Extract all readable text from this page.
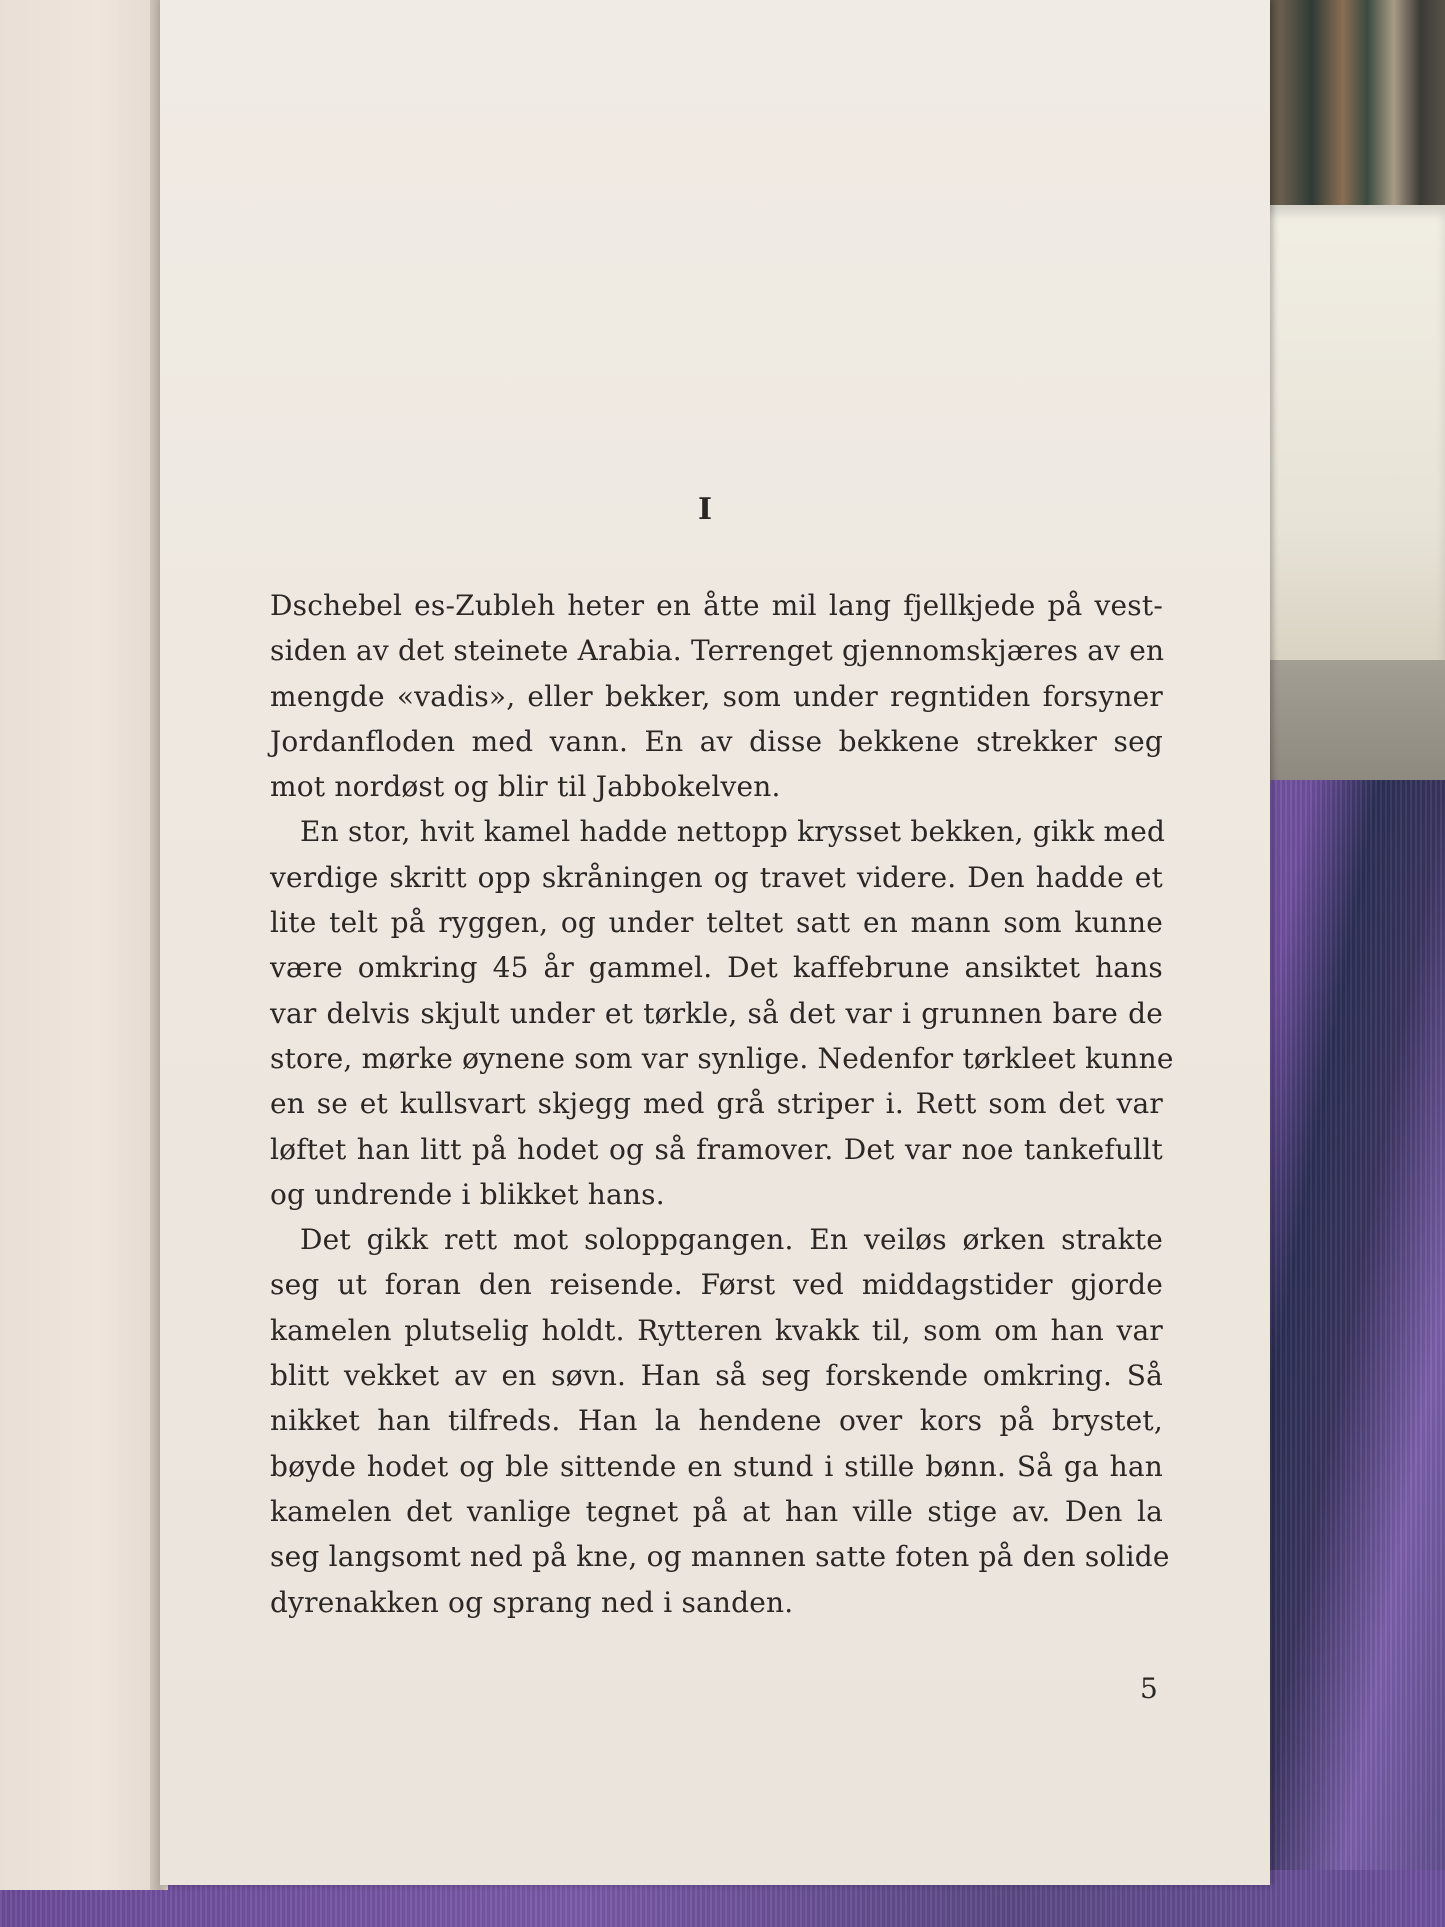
I
Dschebel es-Zubleh heter en åtte mil lang fjellkjede på vest-
siden av det steinete Arabia. Terrenget gjennomskjæres av en
mengde «vadis», eller bekker, som under regntiden forsyner
Jordanfloden med vann. En av disse bekkene strekker seg
mot nordøst og blir til Jabbokelven.
En stor, hvit kamel hadde nettopp krysset bekken, gikk med
verdige skritt opp skråningen og travet videre. Den hadde et
lite telt på ryggen, og under teltet satt en mann som kunne
være omkring 45 år gammel. Det kaffebrune ansiktet hans
var delvis skjult under et tørkle, så det var i grunnen bare de
store, mørke øynene som var synlige. Nedenfor tørkleet kunne
en se et kullsvart skjegg med grå striper i. Rett som det var
løftet han litt på hodet og så framover. Det var noe tankefullt
og undrende i blikket hans.
Det gikk rett mot soloppgangen. En veiløs ørken strakte
seg ut foran den reisende. Først ved middagstider gjorde
kamelen plutselig holdt. Rytteren kvakk til, som om han var
blitt vekket av en søvn. Han så seg forskende omkring. Så
nikket han tilfreds. Han la hendene over kors på brystet,
bøyde hodet og ble sittende en stund i stille bønn. Så ga han
kamelen det vanlige tegnet på at han ville stige av. Den la
seg langsomt ned på kne, og mannen satte foten på den solide
dyrenakken og sprang ned i sanden.

5
